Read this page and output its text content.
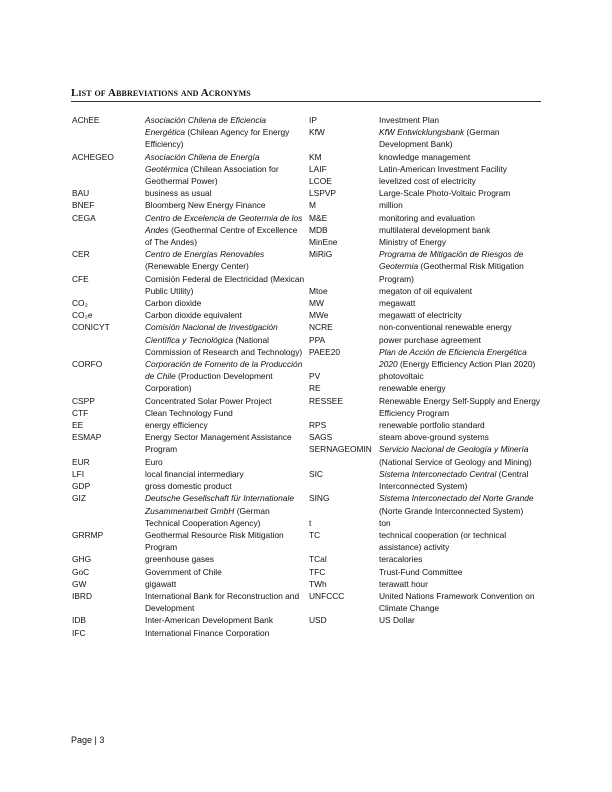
List of Abbreviations and Acronyms
AChEE	Asociación Chilena de Eficiencia Energética (Chilean Agency for Energy Efficiency)
ACHEGEO	Asociación Chilena de Energía Geotérmica (Chilean Association for Geothermal Power)
BAU	business as usual
BNEF	Bloomberg New Energy Finance
CEGA	Centro de Excelencia de Geotermia de los Andes (Geothermal Centre of Excellence of The Andes)
CER	Centro de Energías Renovables (Renewable Energy Center)
CFE	Comisión Federal de Electricidad (Mexican Public Utility)
CO₂	Carbon dioxide
CO₂e	Carbon dioxide equivalent
CONICYT	Comisión Nacional de Investigación Científica y Tecnológica (National Commission of Research and Technology)
CORFO	Corporación de Fomento de la Producción de Chile (Production Development Corporation)
CSPP	Concentrated Solar Power Project
CTF	Clean Technology Fund
EE	energy efficiency
ESMAP	Energy Sector Management Assistance Program
EUR	Euro
LFI	local financial intermediary
GDP	gross domestic product
GIZ	Deutsche Gesellschaft für Internationale Zusammenarbeit GmbH (German Technical Cooperation Agency)
GRRMP	Geothermal Resource Risk Mitigation Program
GHG	greenhouse gases
GoC	Government of Chile
GW	gigawatt
IBRD	International Bank for Reconstruction and Development
IDB	Inter-American Development Bank
IFC	International Finance Corporation
IP	Investment Plan
KfW	KfW Entwicklungsbank (German Development Bank)
KM	knowledge management
LAIF	Latin-American Investment Facility
LCOE	levelized cost of electricity
LSPVP	Large-Scale Photo-Voltaic Program
M	million
M&E	monitoring and evaluation
MDB	multilateral development bank
MinEne	Ministry of Energy
MiRiG	Programa de Mitigación de Riesgos de Geotermia (Geothermal Risk Mitigation Program)
Mtoe	megaton of oil equivalent
MW	megawatt
MWe	megawatt of electricity
NCRE	non-conventional renewable energy
PPA	power purchase agreement
PAEE20	Plan de Acción de Eficiencia Energética 2020 (Energy Efficiency Action Plan 2020)
PV	photovoltaic
RE	renewable energy
RESSEE	Renewable Energy Self-Supply and Energy Efficiency Program
RPS	renewable portfolio standard
SAGS	steam above-ground systems
SERNAGEOMIN Servicio Nacional de Geología y Minería (National Service of Geology and Mining)
SIC	Sistema Interconectado Central (Central Interconnected System)
SING	Sistema Interconectado del Norte Grande (Norte Grande Interconnected System)
t	ton
TC	technical cooperation (or technical assistance) activity
TCal	teracalories
TFC	Trust-Fund Committee
TWh	terawatt hour
UNFCCC	United Nations Framework Convention on Climate Change
USD	US Dollar
Page | 3
